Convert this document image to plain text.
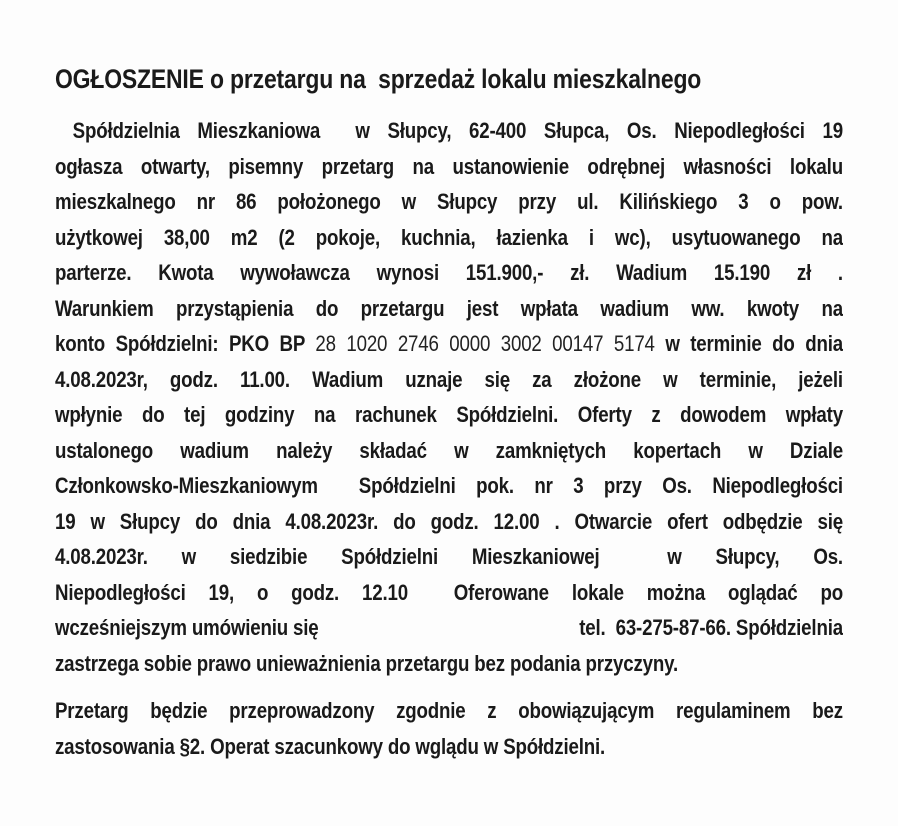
OGŁOSZENIE o przetargu na  sprzedaż lokalu mieszkalnego
Spółdzielnia Mieszkaniowa  w Słupcy, 62-400 Słupca, Os. Niepodległości 19
ogłasza otwarty, pisemny przetarg na ustanowienie odrębnej własności lokalu
mieszkalnego nr 86 położonego w Słupcy przy ul. Kilińskiego 3 o pow.
użytkowej 38,00 m2 (2 pokoje, kuchnia, łazienka i wc), usytuowanego na
parterze. Kwota wywoławcza wynosi 151.900,- zł. Wadium 15.190 zł .
Warunkiem przystąpienia do przetargu jest wpłata wadium ww. kwoty na
konto Spółdzielni: PKO BP 28 1020 2746 0000 3002 00147 5174 w terminie do dnia
4.08.2023r, godz. 11.00. Wadium uznaje się za złożone w terminie, jeżeli
wpłynie do tej godziny na rachunek Spółdzielni. Oferty z dowodem wpłaty
ustalonego wadium należy składać w zamkniętych kopertach w Dziale
Członkowsko-Mieszkaniowym  Spółdzielni pok. nr 3 przy Os. Niepodległości
19 w Słupcy do dnia 4.08.2023r. do godz. 12.00 . Otwarcie ofert odbędzie się
4.08.2023r. w siedzibie Spółdzielni Mieszkaniowej  w Słupcy, Os.
Niepodległości 19, o godz. 12.10  Oferowane lokale można oglądać po
wcześniejszym umówieniu się	tel.  63-275-87-66. Spółdzielnia
zastrzega sobie prawo unieważnienia przetargu bez podania przyczyny.
Przetarg będzie przeprowadzony zgodnie z obowiązującym regulaminem bez
zastosowania §2. Operat szacunkowy do wglądu w Spółdzielni.
